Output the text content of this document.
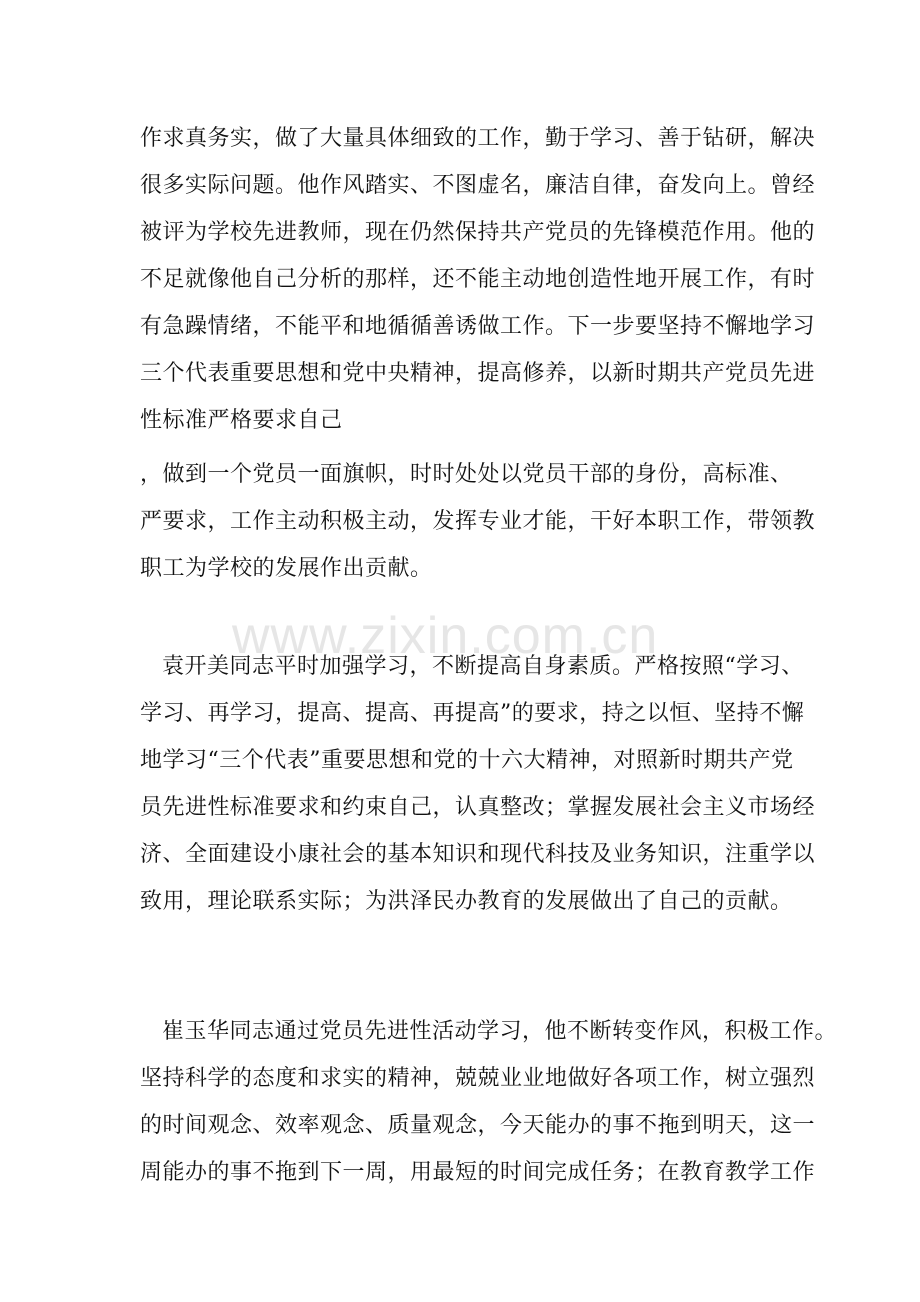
作求真务实，做了大量具体细致的工作，勤于学习、善于钻研，解决
很多实际问题。他作风踏实、不图虚名，廉洁自律，奋发向上。曾经
被评为学校先进教师，现在仍然保持共产党员的先锋模范作用。他的
不足就像他自己分析的那样，还不能主动地创造性地开展工作，有时
有急躁情绪，不能平和地循循善诱做工作。下一步要坚持不懈地学习
三个代表重要思想和党中央精神，提高修养，以新时期共产党员先进
性标准严格要求自己
，做到一个党员一面旗帜，时时处处以党员干部的身份，高标准、
严要求，工作主动积极主动，发挥专业才能，干好本职工作，带领教
职工为学校的发展作出贡献。
www.zixin.com.cn
袁开美同志平时加强学习，不断提高自身素质。严格按照“学习、
学习、再学习，提高、提高、再提高”的要求，持之以恒、坚持不懈
地学习“三个代表”重要思想和党的十六大精神，对照新时期共产党
员先进性标准要求和约束自己，认真整改；掌握发展社会主义市场经
济、全面建设小康社会的基本知识和现代科技及业务知识，注重学以
致用，理论联系实际；为洪泽民办教育的发展做出了自己的贡献。
崔玉华同志通过党员先进性活动学习，他不断转变作风，积极工作。
坚持科学的态度和求实的精神，兢兢业业地做好各项工作，树立强烈
的时间观念、效率观念、质量观念，今天能办的事不拖到明天，这一
周能办的事不拖到下一周，用最短的时间完成任务；在教育教学工作
